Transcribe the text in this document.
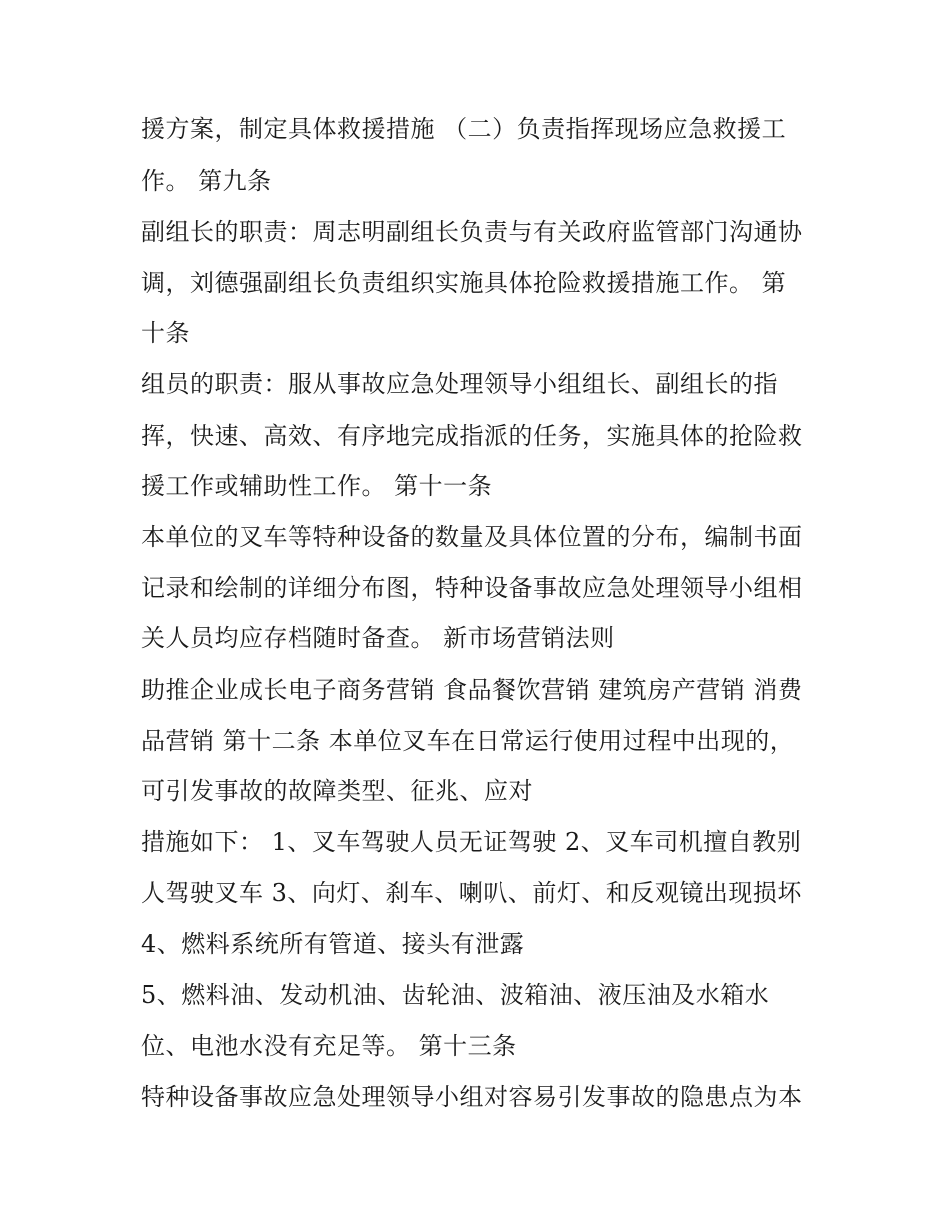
援方案，制定具体救援措施 （二）负责指挥现场应急救援工
作。 第九条
副组长的职责：周志明副组长负责与有关政府监管部门沟通协
调，刘德强副组长负责组织实施具体抢险救援措施工作。 第
十条
组员的职责：服从事故应急处理领导小组组长、副组长的指
挥，快速、高效、有序地完成指派的任务，实施具体的抢险救
援工作或辅助性工作。 第十一条
本单位的叉车等特种设备的数量及具体位置的分布，编制书面
记录和绘制的详细分布图，特种设备事故应急处理领导小组相
关人员均应存档随时备查。 新市场营销法则
助推企业成长电子商务营销 食品餐饮营销 建筑房产营销 消费
品营销 第十二条 本单位叉车在日常运行使用过程中出现的，
可引发事故的故障类型、征兆、应对
措施如下： 1、叉车驾驶人员无证驾驶 2、叉车司机擅自教别
人驾驶叉车 3、向灯、刹车、喇叭、前灯、和反观镜出现损坏
4、燃料系统所有管道、接头有泄露
5、燃料油、发动机油、齿轮油、波箱油、液压油及水箱水
位、电池水没有充足等。 第十三条
特种设备事故应急处理领导小组对容易引发事故的隐患点为本
